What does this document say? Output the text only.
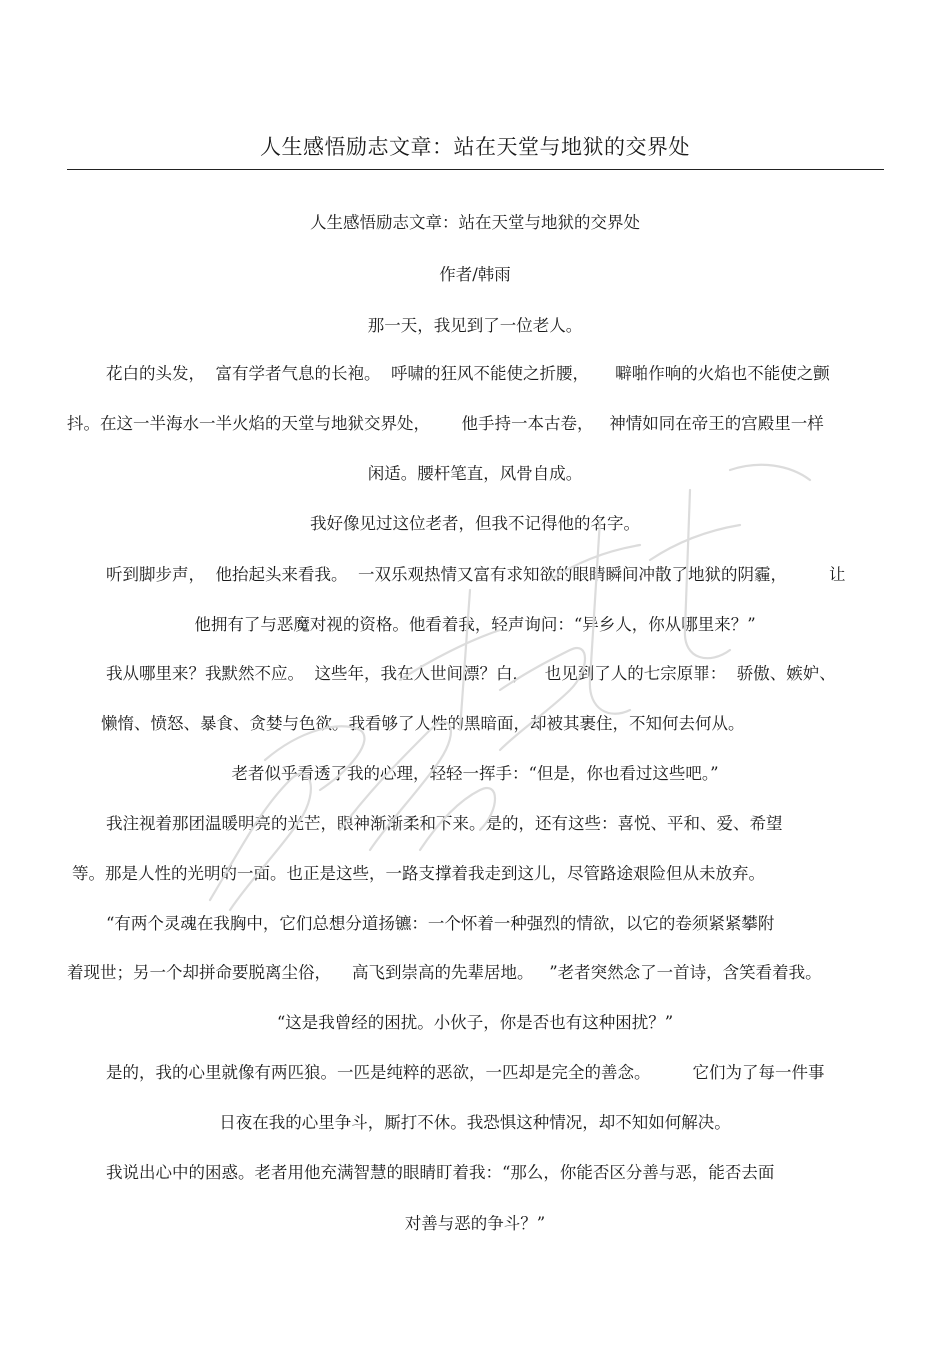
人生感悟励志文章：站在天堂与地狱的交界处
人生感悟励志文章：站在天堂与地狱的交界处
作者/韩雨
那一天，我见到了一位老人。
花白的头发，  富有学者气息的长袍。  呼啸的狂风不能使之折腰，     噼啪作响的火焰也不能使之颤
抖。在这一半海水一半火焰的天堂与地狱交界处，      他手持一本古卷，   神情如同在帝王的宫殿里一样
闲适。腰杆笔直，风骨自成。
我好像见过这位老者，但我不记得他的名字。
听到脚步声，  他抬起头来看我。  一双乐观热情又富有求知欲的眼睛瞬间冲散了地狱的阴霾，        让
他拥有了与恶魔对视的资格。他看着我，轻声询问：“异乡人，你从哪里来？”
我从哪里来？我默然不应。  这些年，我在人世间漂？白，   也见到了人的七宗原罪：  骄傲、嫉妒、
懒惰、愤怒、暴食、贪婪与色欲。我看够了人性的黑暗面，却被其裹住，不知何去何从。
老者似乎看透了我的心理，轻轻一挥手：“但是，你也看过这些吧。”
我注视着那团温暖明亮的光芒，眼神渐渐柔和下来。是的，还有这些：喜悦、平和、爱、希望
等。那是人性的光明的一面。也正是这些，一路支撑着我走到这儿，尽管路途艰险但从未放弃。
“有两个灵魂在我胸中，它们总想分道扬镳：一个怀着一种强烈的情欲，以它的卷须紧紧攀附
着现世；另一个却拼命要脱离尘俗，    高飞到崇高的先辈居地。   ”老者突然念了一首诗，含笑看着我。
“这是我曾经的困扰。小伙子，你是否也有这种困扰？”
是的，我的心里就像有两匹狼。一匹是纯粹的恶欲，一匹却是完全的善念。        它们为了每一件事
日夜在我的心里争斗，厮打不休。我恐惧这种情况，却不知如何解决。
我说出心中的困惑。老者用他充满智慧的眼睛盯着我：“那么，你能否区分善与恶，能否去面
对善与恶的争斗？”
